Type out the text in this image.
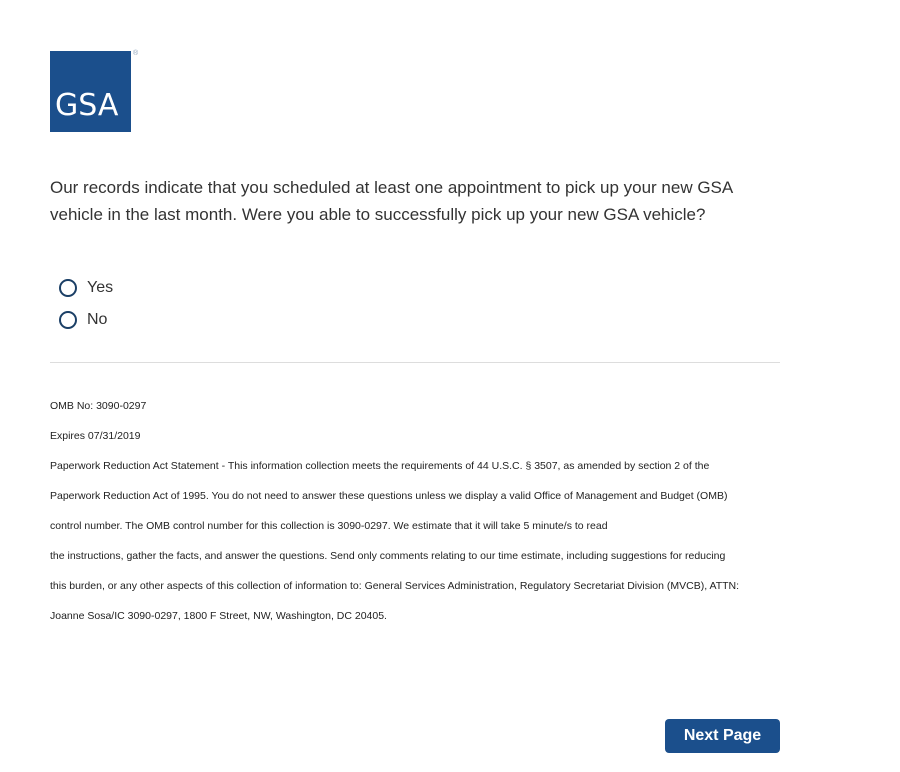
GSA
®
Our records indicate that you scheduled at least one appointment to pick up your new GSA vehicle in the last month. Were you able to successfully pick up your new GSA vehicle?
Yes
No
OMB No: 3090-0297
Expires 07/31/2019
Paperwork Reduction Act Statement - This information collection meets the requirements of 44 U.S.C. § 3507, as amended by section 2 of the
Paperwork Reduction Act of 1995. You do not need to answer these questions unless we display a valid Office of Management and Budget (OMB)
control number. The OMB control number for this collection is 3090-0297. We estimate that it will take 5 minute/s to read
the instructions, gather the facts, and answer the questions. Send only comments relating to our time estimate, including suggestions for reducing
this burden, or any other aspects of this collection of information to: General Services Administration, Regulatory Secretariat Division (MVCB), ATTN:
Joanne Sosa/IC 3090-0297, 1800 F Street, NW, Washington, DC 20405.
Next Page
